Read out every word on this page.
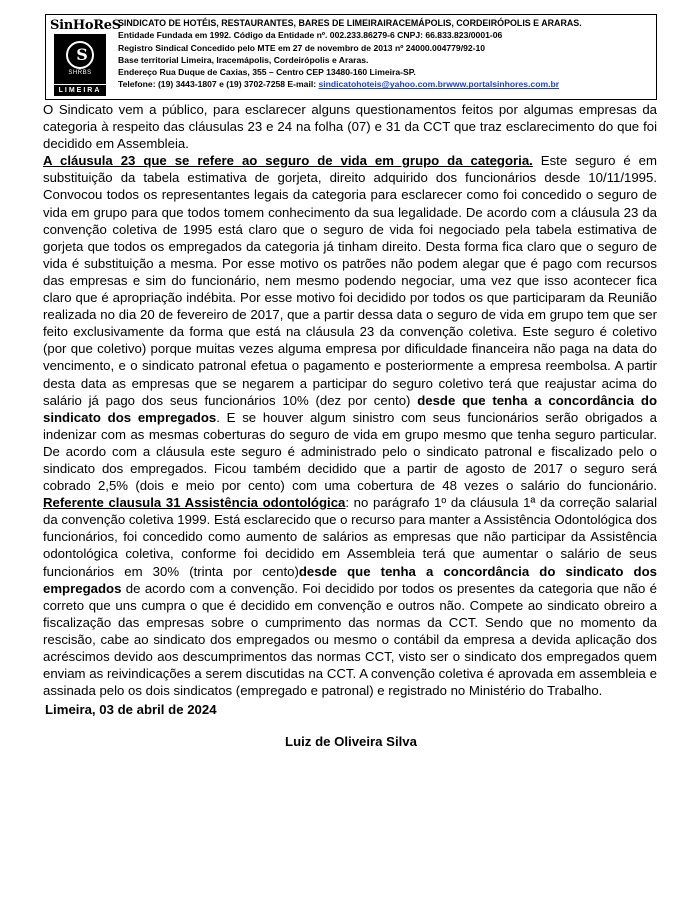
SinHoReS
S
SHRBS
LIMEIRA
SINDICATO DE HOTÉIS, RESTAURANTES, BARES DE LIMEIRAIRACEMÁPOLIS, CORDEIRÓPOLIS E ARARAS.
Entidade Fundada em 1992. Código da Entidade nº. 002.233.86279-6 CNPJ: 66.833.823/0001-06
Registro Sindical Concedido pelo MTE em 27 de novembro de 2013 nº 24000.004779/92-10
Base territorial Limeira, Iracemápolis, Cordeirópolis e Araras.
Endereço Rua Duque de Caxias, 355 – Centro CEP 13480-160 Limeira-SP.
Telefone: (19) 3443-1807 e (19) 3702-7258 E-mail: sindicatohoteis@yahoo.com.brwww.portalsinhores.com.br

O Sindicato vem a público, para esclarecer alguns questionamentos feitos por algumas empresas da categoria à respeito das cláusulas 23 e 24 na folha (07) e 31 da CCT que traz esclarecimento do que foi decidido em Assembleia.

A cláusula 23 que se refere ao seguro de vida em grupo da categoria. Este seguro é em substituição da tabela estimativa de gorjeta, direito adquirido dos funcionários desde 10/11/1995. Convocou todos os representantes legais da categoria para esclarecer como foi concedido o seguro de vida em grupo para que todos tomem conhecimento da sua legalidade. De acordo com a cláusula 23 da convenção coletiva de 1995 está claro que o seguro de vida foi negociado pela tabela estimativa de gorjeta que todos os empregados da categoria já tinham direito. Desta forma fica claro que o seguro de vida é substituição a mesma. Por esse motivo os patrões não podem alegar que é pago com recursos das empresas e sim do funcionário, nem mesmo podendo negociar, uma vez que isso acontecer fica claro que é apropriação indébita. Por esse motivo foi decidido por todos os que participaram da Reunião realizada no dia 20 de fevereiro de 2017, que a partir dessa data o seguro de vida em grupo tem que ser feito exclusivamente da forma que está na cláusula 23 da convenção coletiva. Este seguro é coletivo (por que coletivo) porque muitas vezes alguma empresa por dificuldade financeira não paga na data do vencimento, e o sindicato patronal efetua o pagamento e posteriormente a empresa reembolsa. A partir desta data as empresas que se negarem a participar do seguro coletivo terá que reajustar acima do salário já pago dos seus funcionários 10% (dez por cento) desde que tenha a concordância do sindicato dos empregados. E se houver algum sinistro com seus funcionários serão obrigados a indenizar com as mesmas coberturas do seguro de vida em grupo mesmo que tenha seguro particular. De acordo com a cláusula este seguro é administrado pelo o sindicato patronal e fiscalizado pelo o sindicato dos empregados. Ficou também decidido que a partir de agosto de 2017 o seguro será cobrado 2,5% (dois e meio por cento) com uma cobertura de 48 vezes o salário do funcionário. Referente clausula 31 Assistência odontológica: no parágrafo 1º da cláusula 1ª da correção salarial da convenção coletiva 1999. Está esclarecido que o recurso para manter a Assistência Odontológica dos funcionários, foi concedido como aumento de salários as empresas que não participar da Assistência odontológica coletiva, conforme foi decidido em Assembleia terá que aumentar o salário de seus funcionários em 30% (trinta por cento)desde que tenha a concordância do sindicato dos empregados de acordo com a convenção. Foi decidido por todos os presentes da categoria que não é correto que uns cumpra o que é decidido em convenção e outros não. Compete ao sindicato obreiro a fiscalização das empresas sobre o cumprimento das normas da CCT. Sendo que no momento da rescisão, cabe ao sindicato dos empregados ou mesmo o contábil da empresa a devida aplicação dos acréscimos devido aos descumprimentos das normas CCT, visto ser o sindicato dos empregados quem enviam as reivindicações a serem discutidas na CCT. A convenção coletiva é aprovada em assembleia e assinada pelo os dois sindicatos (empregado e patronal) e registrado no Ministério do Trabalho.

Limeira, 03 de abril de 2024
Luiz de Oliveira Silva
